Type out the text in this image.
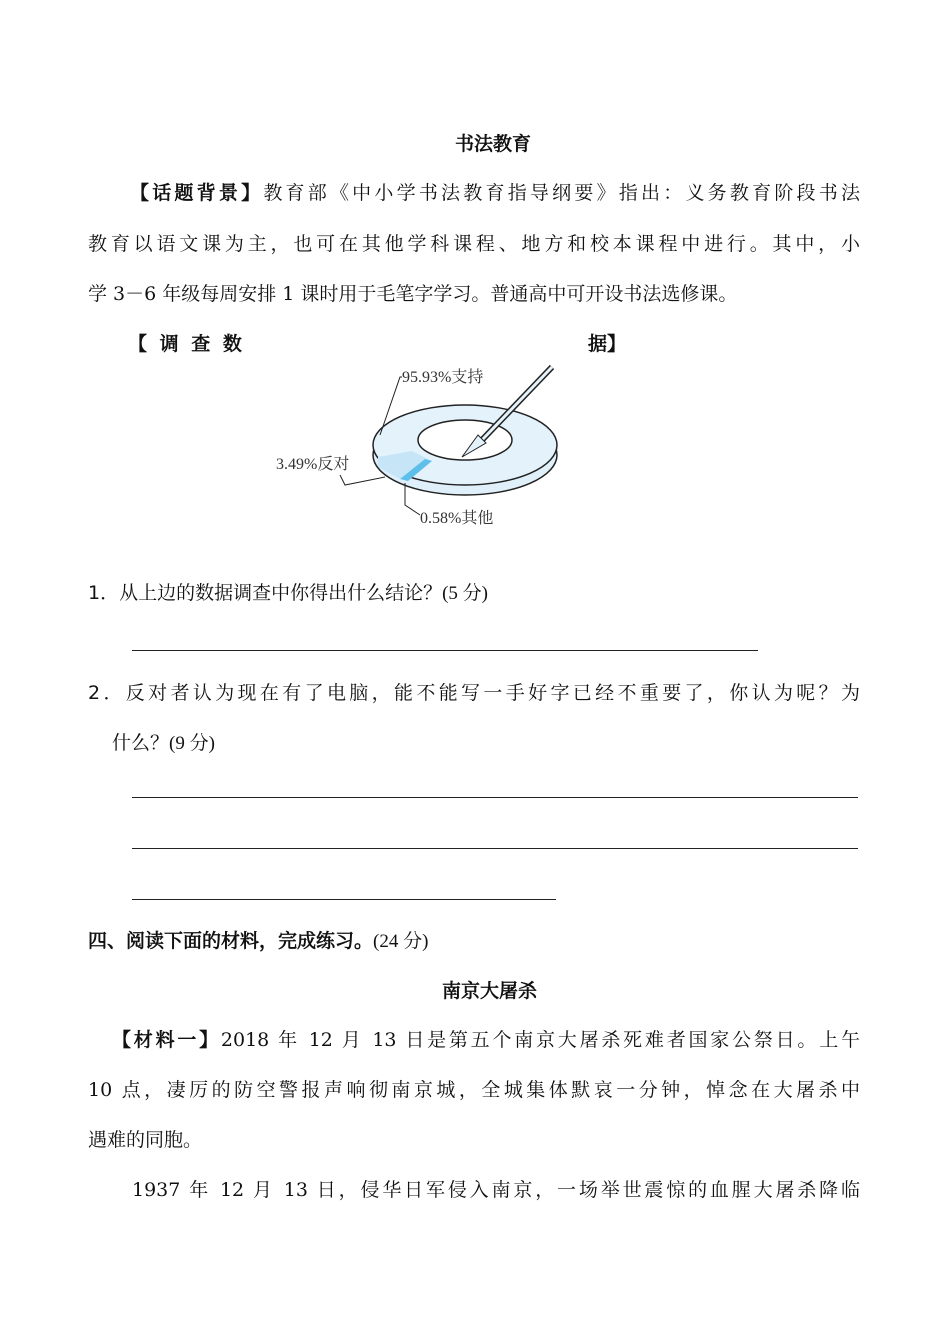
书法教育
【话题背景】教育部《中小学书法教育指导纲要》指出：义务教育阶段书法
教育以语文课为主，也可在其他学科课程、地方和校本课程中进行。其中，小
学 3－6 年级每周安排 1 课时用于毛笔字学习。普通高中可开设书法选修课。
【 调 查 数	据】
95.93%支持
3.49%反对
0.58%其他
1．从上边的数据调查中你得出什么结论？(5 分)
2．反对者认为现在有了电脑，能不能写一手好字已经不重要了，你认为呢？为
什么？(9 分)
四、阅读下面的材料，完成练习。(24 分)
南京大屠杀
【材料一】2018 年 12 月 13 日是第五个南京大屠杀死难者国家公祭日。上午
10 点，凄厉的防空警报声响彻南京城，全城集体默哀一分钟，悼念在大屠杀中
遇难的同胞。
1937 年 12 月 13 日，侵华日军侵入南京，一场举世震惊的血腥大屠杀降临
